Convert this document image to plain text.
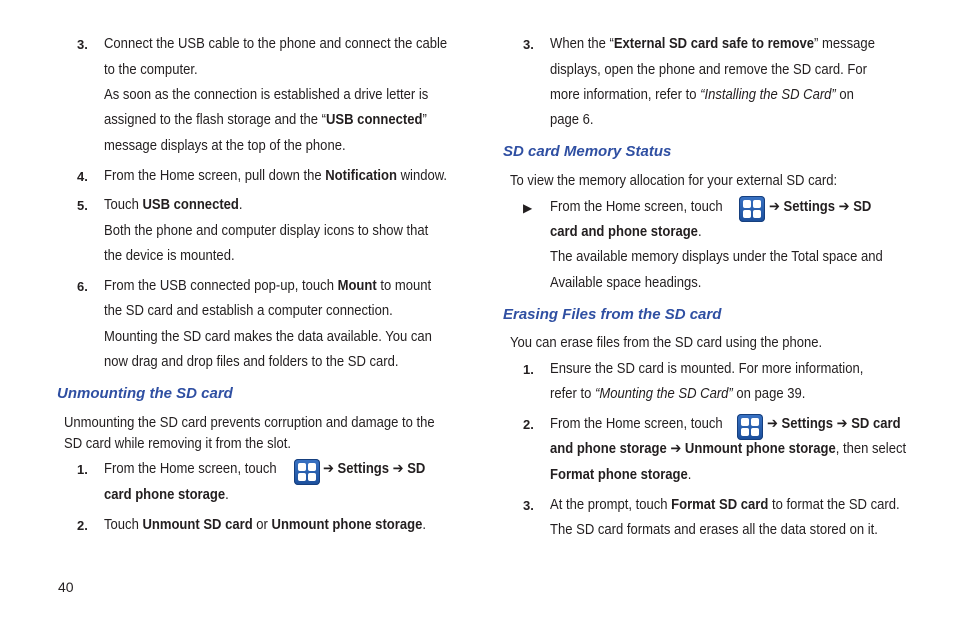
3. Connect the USB cable to the phone and connect the cable
to the computer.
As soon as the connection is established a drive letter is
assigned to the flash storage and the “USB connected”
message displays at the top of the phone.
4. From the Home screen, pull down the Notification window.
5. Touch USB connected.
Both the phone and computer display icons to show that
the device is mounted.
6. From the USB connected pop-up, touch Mount to mount
the SD card and establish a computer connection.
Mounting the SD card makes the data available. You can
now drag and drop files and folders to the SD card.
Unmounting the SD card
Unmounting the SD card prevents corruption and damage to the
SD card while removing it from the slot.
1. From the Home screen, touch	➔ Settings ➔ SD
card phone storage.
2. Touch Unmount SD card or Unmount phone storage.
40
3. When the “External SD card safe to remove” message
displays, open the phone and remove the SD card. For
more information, refer to “Installing the SD Card” on
page 6.
SD card Memory Status
To view the memory allocation for your external SD card:
▶ From the Home screen, touch	➔ Settings ➔ SD
card and phone storage.
The available memory displays under the Total space and
Available space headings.
Erasing Files from the SD card
You can erase files from the SD card using the phone.
1. Ensure the SD card is mounted. For more information,
refer to “Mounting the SD Card” on page 39.
2. From the Home screen, touch	➔ Settings ➔ SD card
and phone storage ➔ Unmount phone storage, then select
Format phone storage.
3. At the prompt, touch Format SD card to format the SD card.
The SD card formats and erases all the data stored on it.
